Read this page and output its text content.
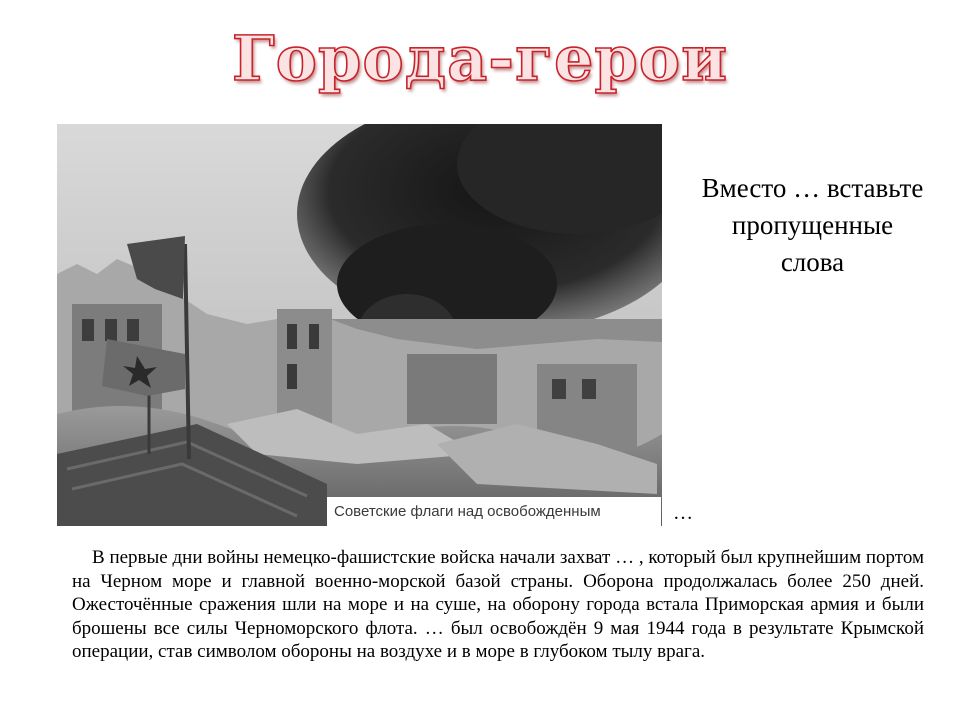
Города-герои
Советские флаги над освобожденным	…
Вместо … вставьте пропущенные слова

В первые дни войны немецко-фашистские войска начали захват … , который был крупнейшим портом на Черном море и главной военно-морской базой страны. Оборона продолжалась более 250 дней. Ожесточённые сражения шли на море и на суше, на оборону города встала Приморская армия и были брошены все силы Черноморского флота. … был освобождён 9 мая 1944 года в результате Крымской операции, став символом обороны на воздухе и в море в глубоком тылу врага.
